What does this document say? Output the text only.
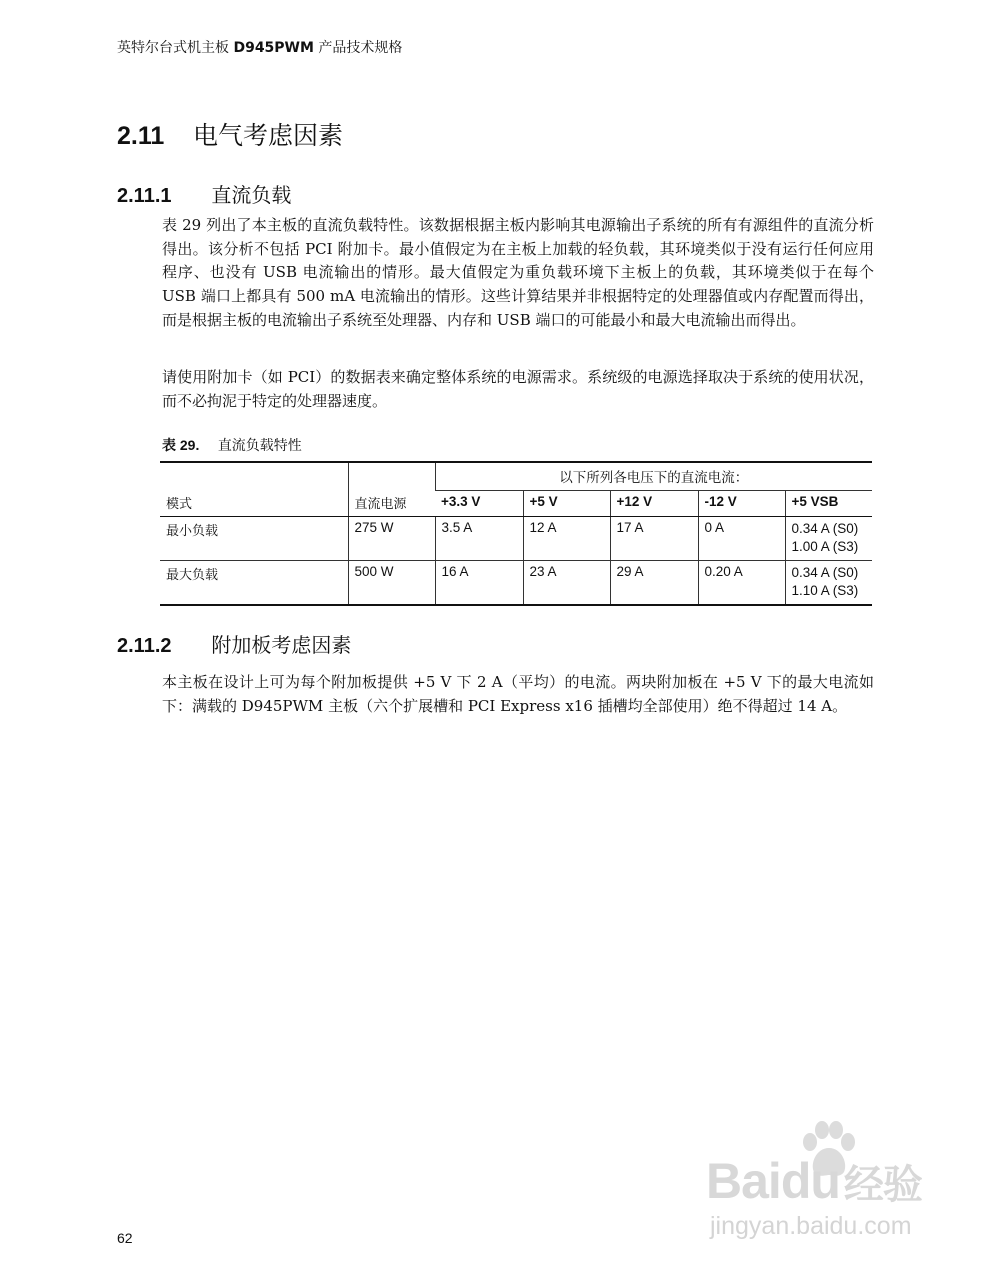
英特尔台式机主板 D945PWM 产品技术规格
2.11 电气考虑因素
2.11.1 直流负载

表 29 列出了本主板的直流负载特性。该数据根据主板内影响其电源输出子系统的所有有源组件的直流分析得出。该分析不包括 PCI 附加卡。最小值假定为在主板上加载的轻负载，其环境类似于没有运行任何应用程序、也没有 USB 电流输出的情形。最大值假定为重负载环境下主板上的负载，其环境类似于在每个 USB 端口上都具有 500 mA 电流输出的情形。这些计算结果并非根据特定的处理器值或内存配置而得出，而是根据主板的电流输出子系统至处理器、内存和 USB 端口的可能最小和最大电流输出而得出。

请使用附加卡（如 PCI）的数据表来确定整体系统的电源需求。系统级的电源选择取决于系统的使用状况，而不必拘泥于特定的处理器速度。

表 29. 直流负载特性
模式	直流电源	以下所列各电压下的直流电流：				
		+3.3 V	+5 V	+12 V	-12 V	+5 VSB
最小负载	275 W	3.5 A	12 A	17 A	0 A	0.34 A (S0)
1.00 A (S3)

最大负载	500 W	16 A	23 A	29 A	0.20 A	0.34 A (S0)
1.10 A (S3)
2.11.2 附加板考虑因素

本主板在设计上可为每个附加板提供 +5 V 下 2 A（平均）的电流。两块附加板在 +5 V 下的最大电流如下：满载的 D945PWM 主板（六个扩展槽和 PCI Express x16 插槽均全部使用）绝不得超过 14 A。

Baidu 经验
jingyan.baidu.com
62
